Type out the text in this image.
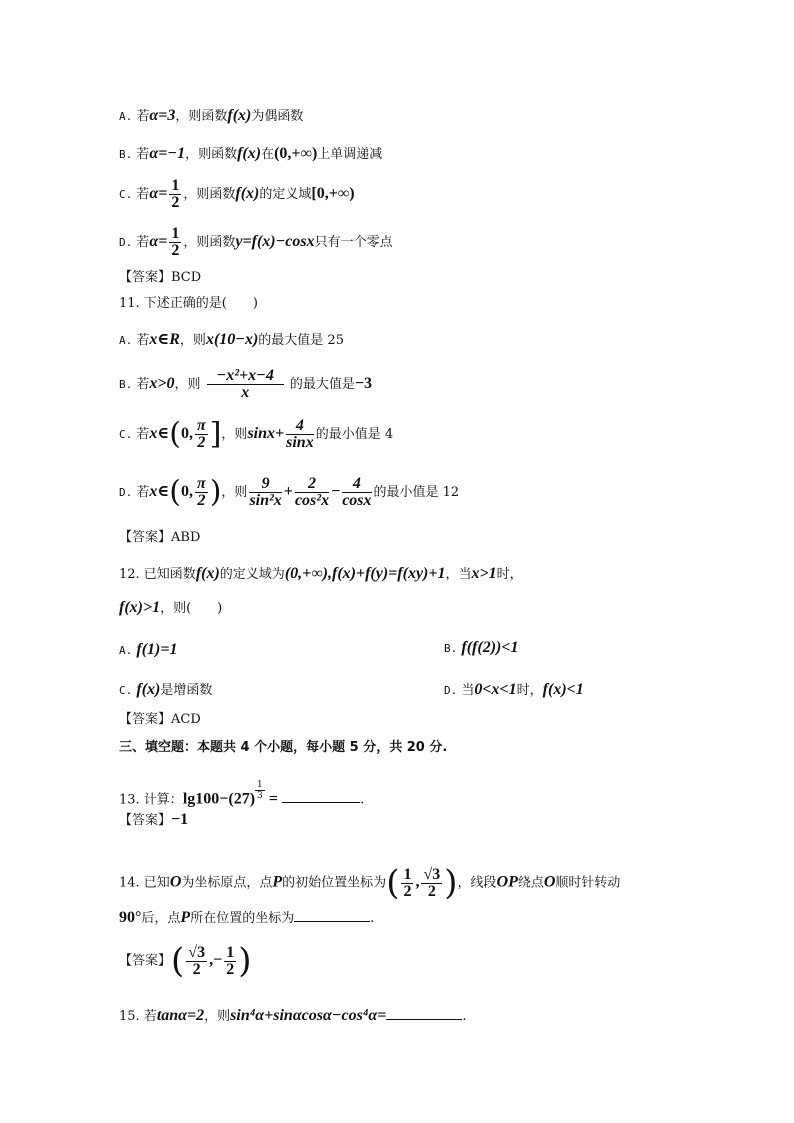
A. 若α=3，则函数f(x)为偶函数
B. 若α=−1，则函数f(x)在(0,+∞)上单调递减
C. 若$\alpha= \frac{1}{2}$ ，则函数f(x)的定义域[0,+∞)
D. 若$\alpha= \frac{1}{2}$ ，则函数y=f(x)−cosx只有一个零点
【答案】BCD
11. 下述正确的是(　　)
A. 若x∈R，则x(10−x)的最大值是 25
B. 若x>0，则 $\frac{\text{−x²+x−4}}{x}$ 的最大值是−3
C. 若x∈(0, $\frac{\pi}{2}$ ]，则$\sin x+ \frac{4}{\sin x}$ 的最小值是 4
D. 若x∈(0, $\frac{\pi}{2}$ )，则 $\frac{9}{\text{sin²x}} + \frac{2}{\text{cos²x}} - \frac{4}{\cos x}$ 的最小值是 12
【答案】ABD
12. 已知函数f(x)的定义域为(0,+∞),f(x)+f(y)=f(xy)+1，当x>1时，
f(x)>1，则(　　)
A. f(1)=1	B. f(f(2))<1
C. f(x)是增函数	D. 当0<x<1时，f(x)<1
【答案】ACD
三、填空题：本题共 4 个小题，每小题 5 分，共 20 分.
13. 计算：$\lg 100-(27) \frac{1}{3}$ =	.
【答案】−1
14. 已知O为坐标原点，点P的初始位置坐标为( $\frac{1}{2}$ , $\frac{√3}{2}$ )，线段OP绕点O顺时针转动
90°后，点P所在位置的坐标为	.
【答案】( $\frac{√3}{2}$ ,− $\frac{1}{2}$ )
15. 若tanα=2，则sin⁴α+sinαcosα−cos⁴α=	.
